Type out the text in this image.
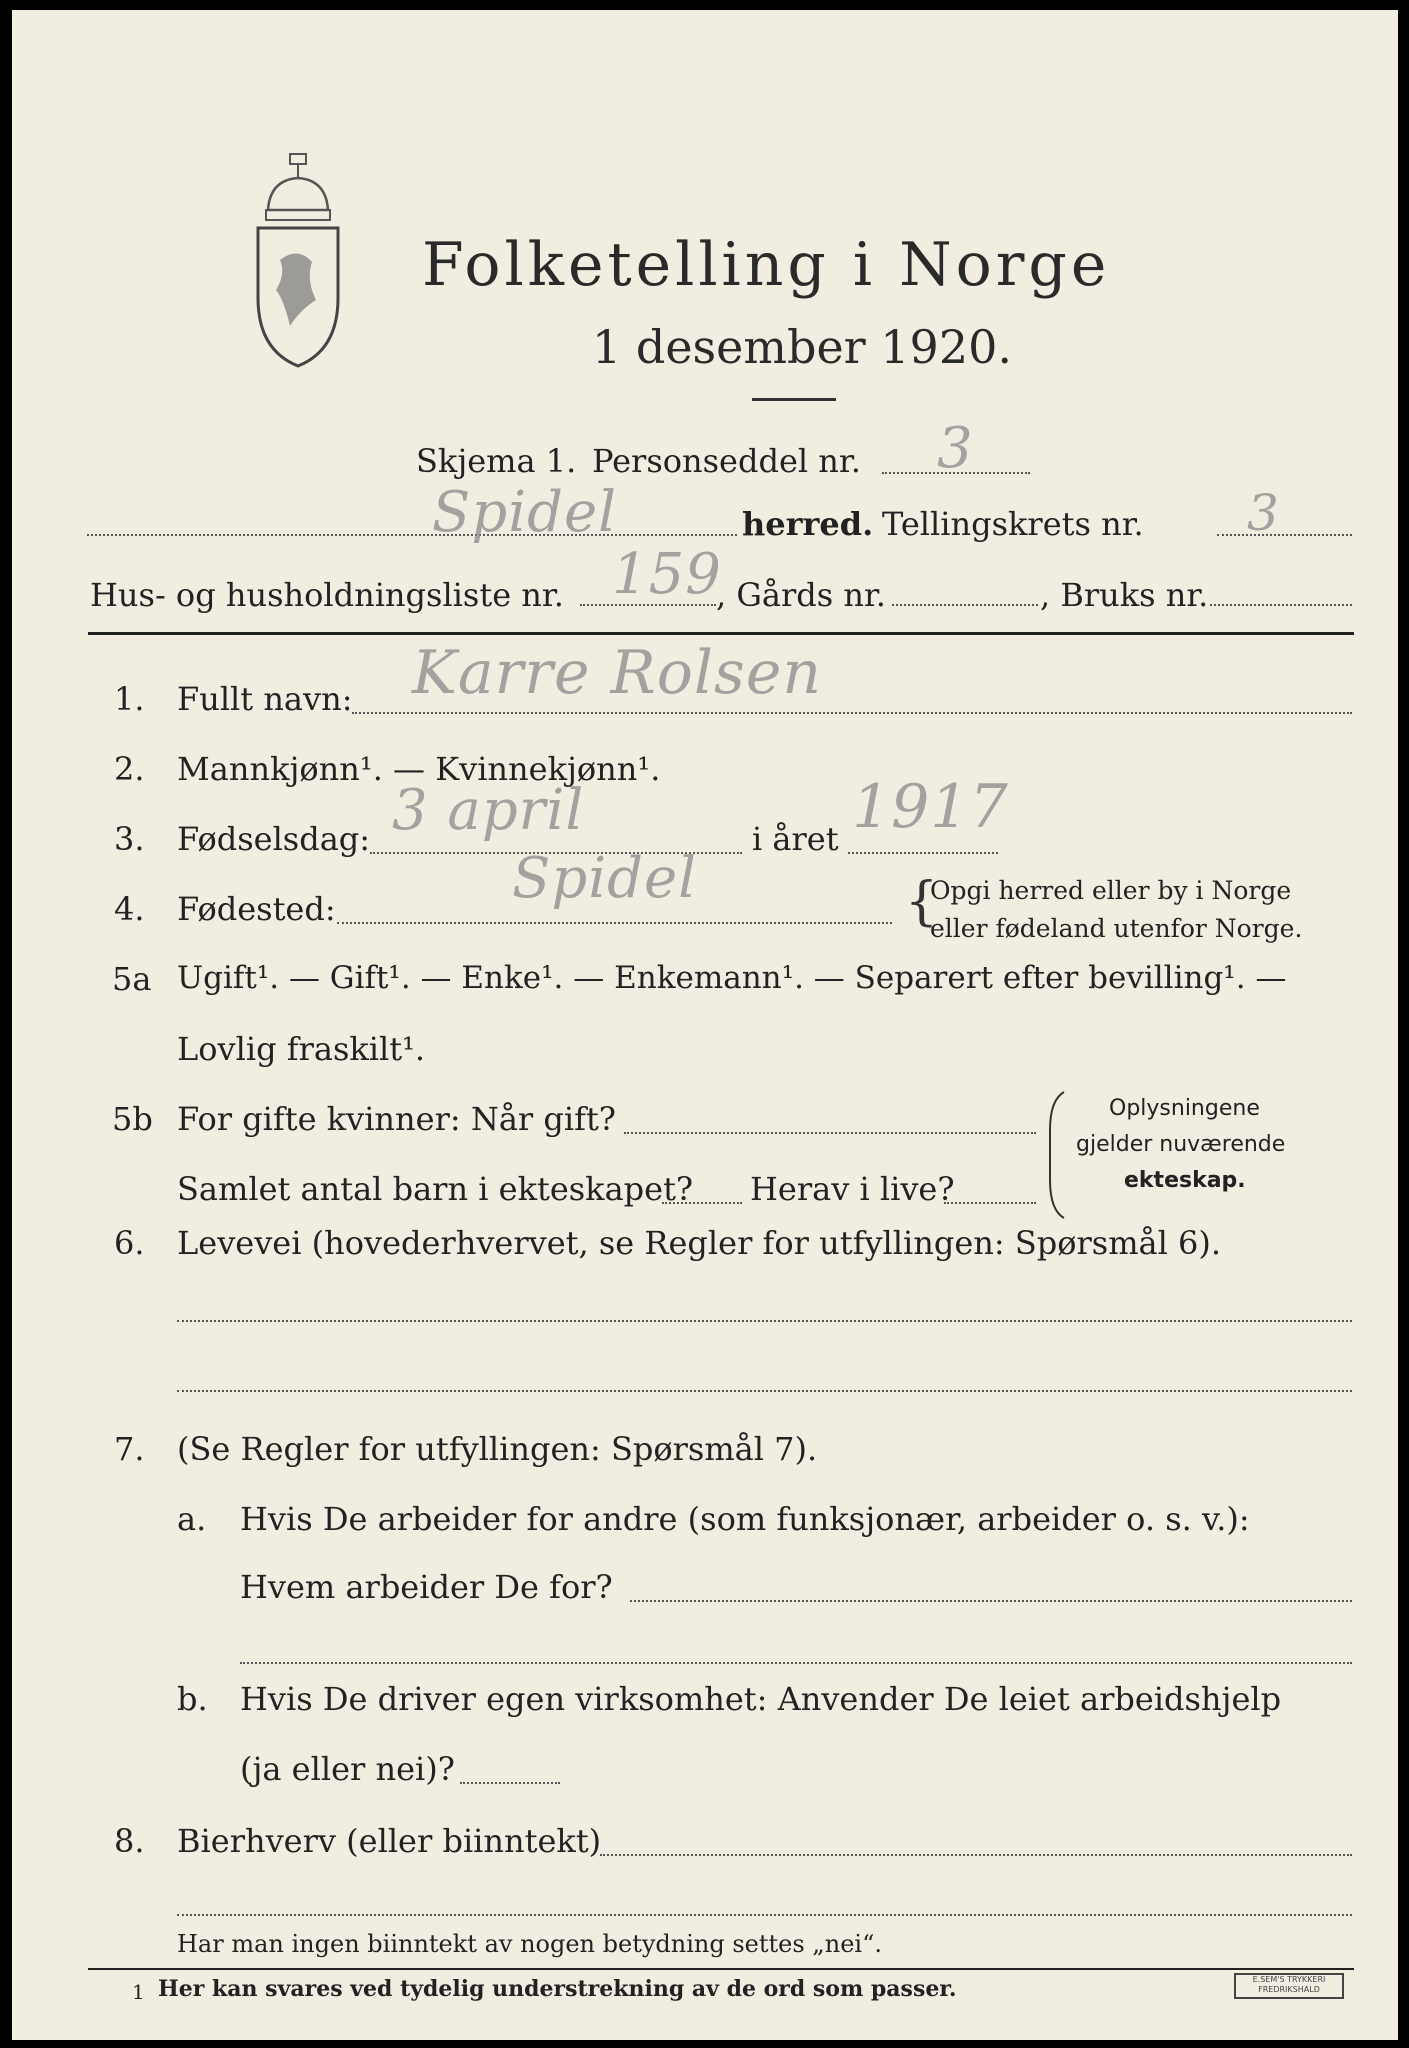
Folketelling i Norge
1 desember 1920.
Skjema 1. Personseddel nr. 3
Spidel	herred. Tellingskrets nr. 3
Hus- og husholdningsliste nr. 159
, Gårds nr.	, Bruks nr.
1. Fullt navn: Karre Rolsen
2. Mannkjønn¹. — Kvinnekjønn¹.
3. Fødselsdag: 3 april	i året 1917
4. Fødested:	Spidel	{
Opgi herred eller by i Norge
eller fødeland utenfor Norge.
5a Ugift¹. — Gift¹. — Enke¹. — Enkemann¹. — Separert efter bevilling¹. —
Lovlig fraskilt¹.
5b For gifte kvinner: Når gift?
Samlet antal barn i ekteskapet? Herav i live?
Oplysningene
gjelder nuværende
ekteskap.
6. Levevei (hovederhvervet, se Regler for utfyllingen: Spørsmål 6).
7. (Se Regler for utfyllingen: Spørsmål 7).
a. Hvis De arbeider for andre (som funksjonær, arbeider o. s. v.):
Hvem arbeider De for?
b. Hvis De driver egen virksomhet: Anvender De leiet arbeidshjelp
(ja eller nei)?
8. Bierhverv (eller biinntekt)
Har man ingen biinntekt av nogen betydning settes „nei“.
1 Her kan svares ved tydelig understrekning av de ord som passer.	E.SEM'S TRYKKERI FREDRIKSHALD
